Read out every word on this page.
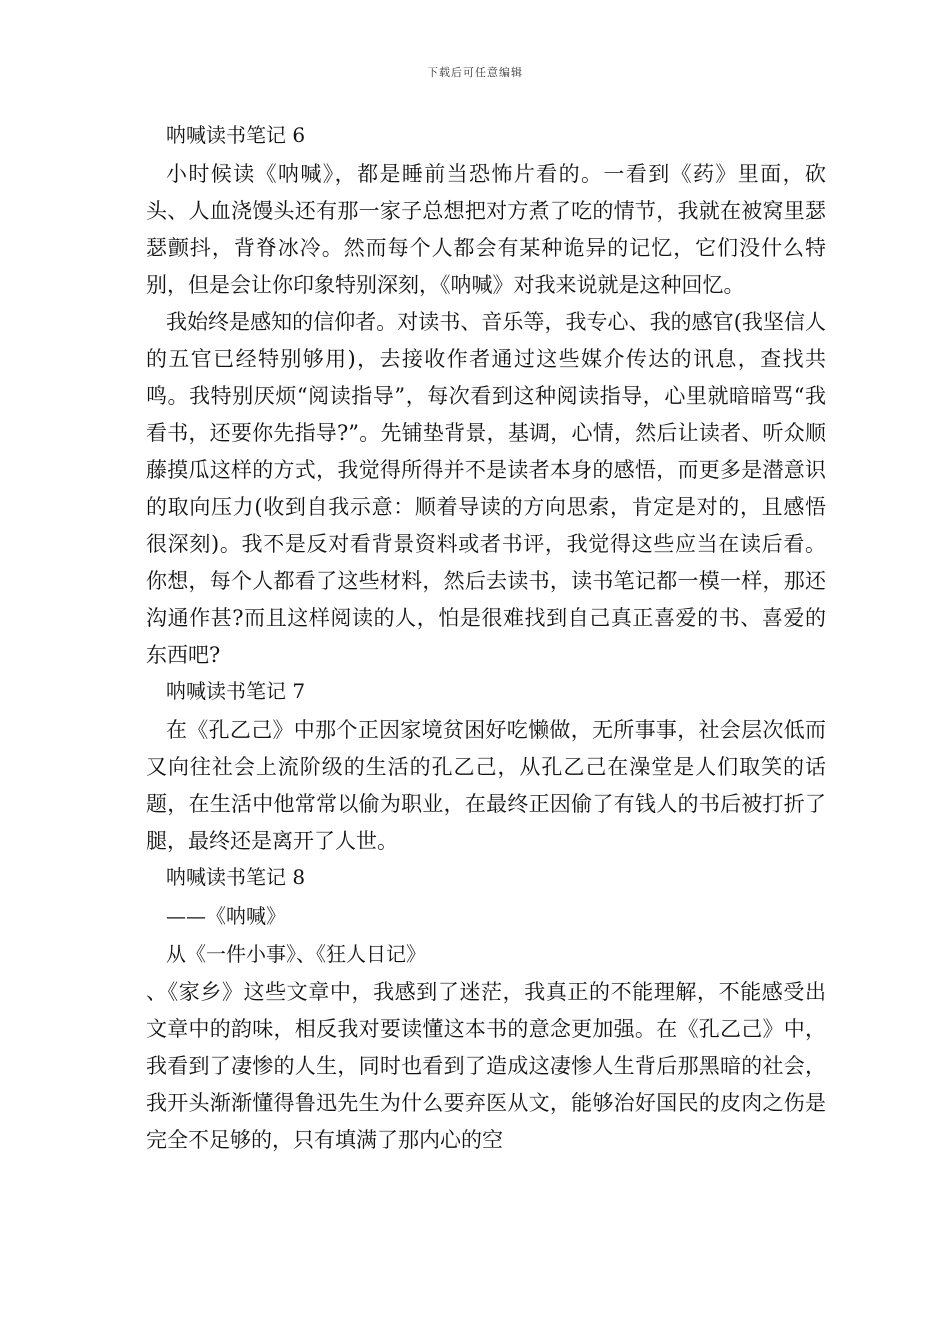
下载后可任意编辑
呐喊读书笔记 6

小时候读《呐喊》，都是睡前当恐怖片看的。一看到《药》里面，砍头、人血浇馒头还有那一家子总想把对方煮了吃的情节，我就在被窝里瑟瑟颤抖，背脊冰冷。然而每个人都会有某种诡异的记忆，它们没什么特别，但是会让你印象特别深刻，《呐喊》对我来说就是这种回忆。

我始终是感知的信仰者。对读书、音乐等，我专心、我的感官(我坚信人的五官已经特别够用)，去接收作者通过这些媒介传达的讯息，查找共鸣。我特别厌烦“阅读指导”，每次看到这种阅读指导，心里就暗暗骂“我看书，还要你先指导?”。先铺垫背景，基调，心情，然后让读者、听众顺藤摸瓜这样的方式，我觉得所得并不是读者本身的感悟，而更多是潜意识的取向压力(收到自我示意：顺着导读的方向思索，肯定是对的，且感悟很深刻)。我不是反对看背景资料或者书评，我觉得这些应当在读后看。你想，每个人都看了这些材料，然后去读书，读书笔记都一模一样，那还沟通作甚?而且这样阅读的人，怕是很难找到自己真正喜爱的书、喜爱的东西吧?

呐喊读书笔记 7

在《孔乙己》中那个正因家境贫困好吃懒做，无所事事，社会层次低而又向往社会上流阶级的生活的孔乙己，从孔乙己在澡堂是人们取笑的话题，在生活中他常常以偷为职业，在最终正因偷了有钱人的书后被打折了腿，最终还是离开了人世。

呐喊读书笔记 8
——《呐喊》
从《一件小事》、《狂人日记》

、《家乡》这些文章中，我感到了迷茫，我真正的不能理解，不能感受出文章中的韵味，相反我对要读懂这本书的意念更加强。在《孔乙己》中，我看到了凄惨的人生，同时也看到了造成这凄惨人生背后那黑暗的社会，我开头渐渐懂得鲁迅先生为什么要弃医从文，能够治好国民的皮肉之伤是完全不足够的，只有填满了那内心的空
